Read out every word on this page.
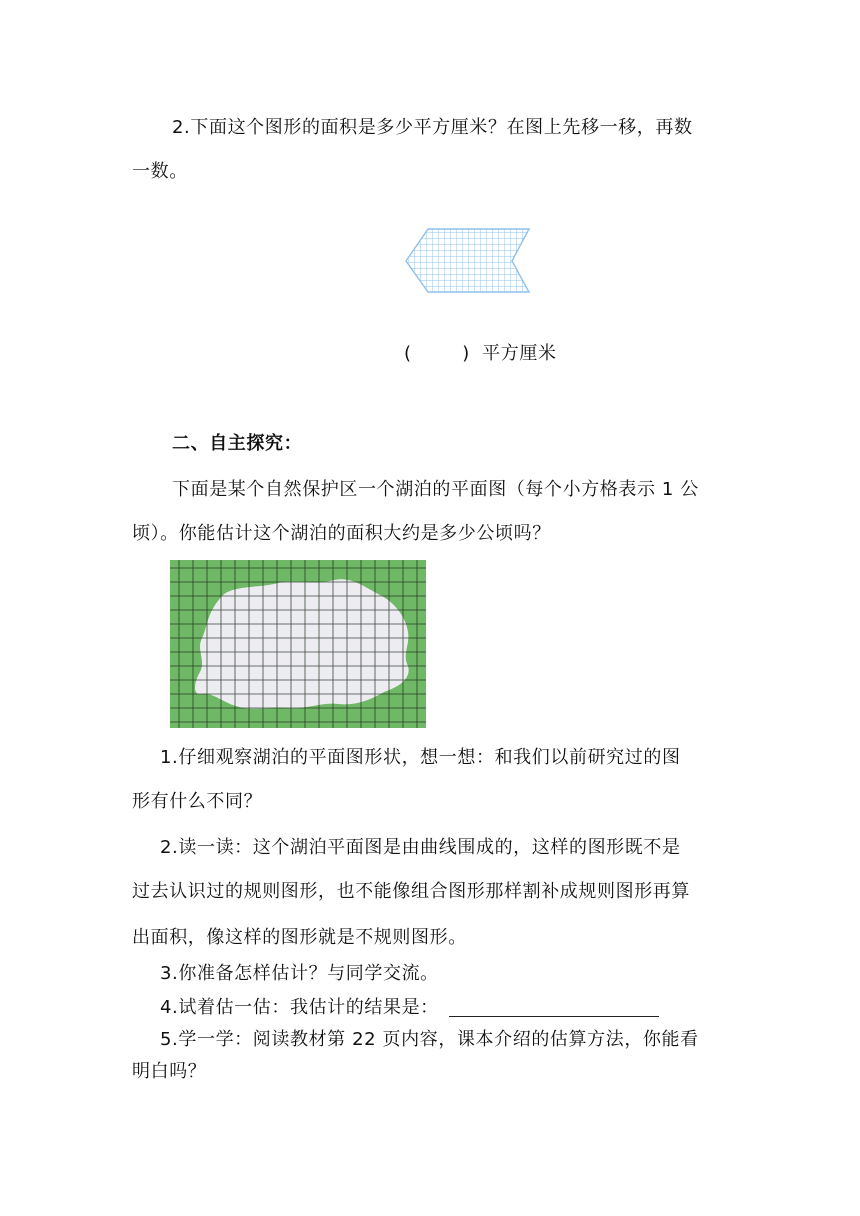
2.下面这个图形的面积是多少平方厘米？在图上先移一移，再数
一数。
(        ) 平方厘米
二、自主探究：
下面是某个自然保护区一个湖泊的平面图（每个小方格表示 1 公
顷）。你能估计这个湖泊的面积大约是多少公顷吗？
1.仔细观察湖泊的平面图形状，想一想：和我们以前研究过的图
形有什么不同？
2.读一读：这个湖泊平面图是由曲线围成的，这样的图形既不是
过去认识过的规则图形，也不能像组合图形那样割补成规则图形再算
出面积，像这样的图形就是不规则图形。
3.你准备怎样估计？与同学交流。
4.试着估一估：我估计的结果是：
5.学一学：阅读教材第 22 页内容，课本介绍的估算方法，你能看
明白吗？
